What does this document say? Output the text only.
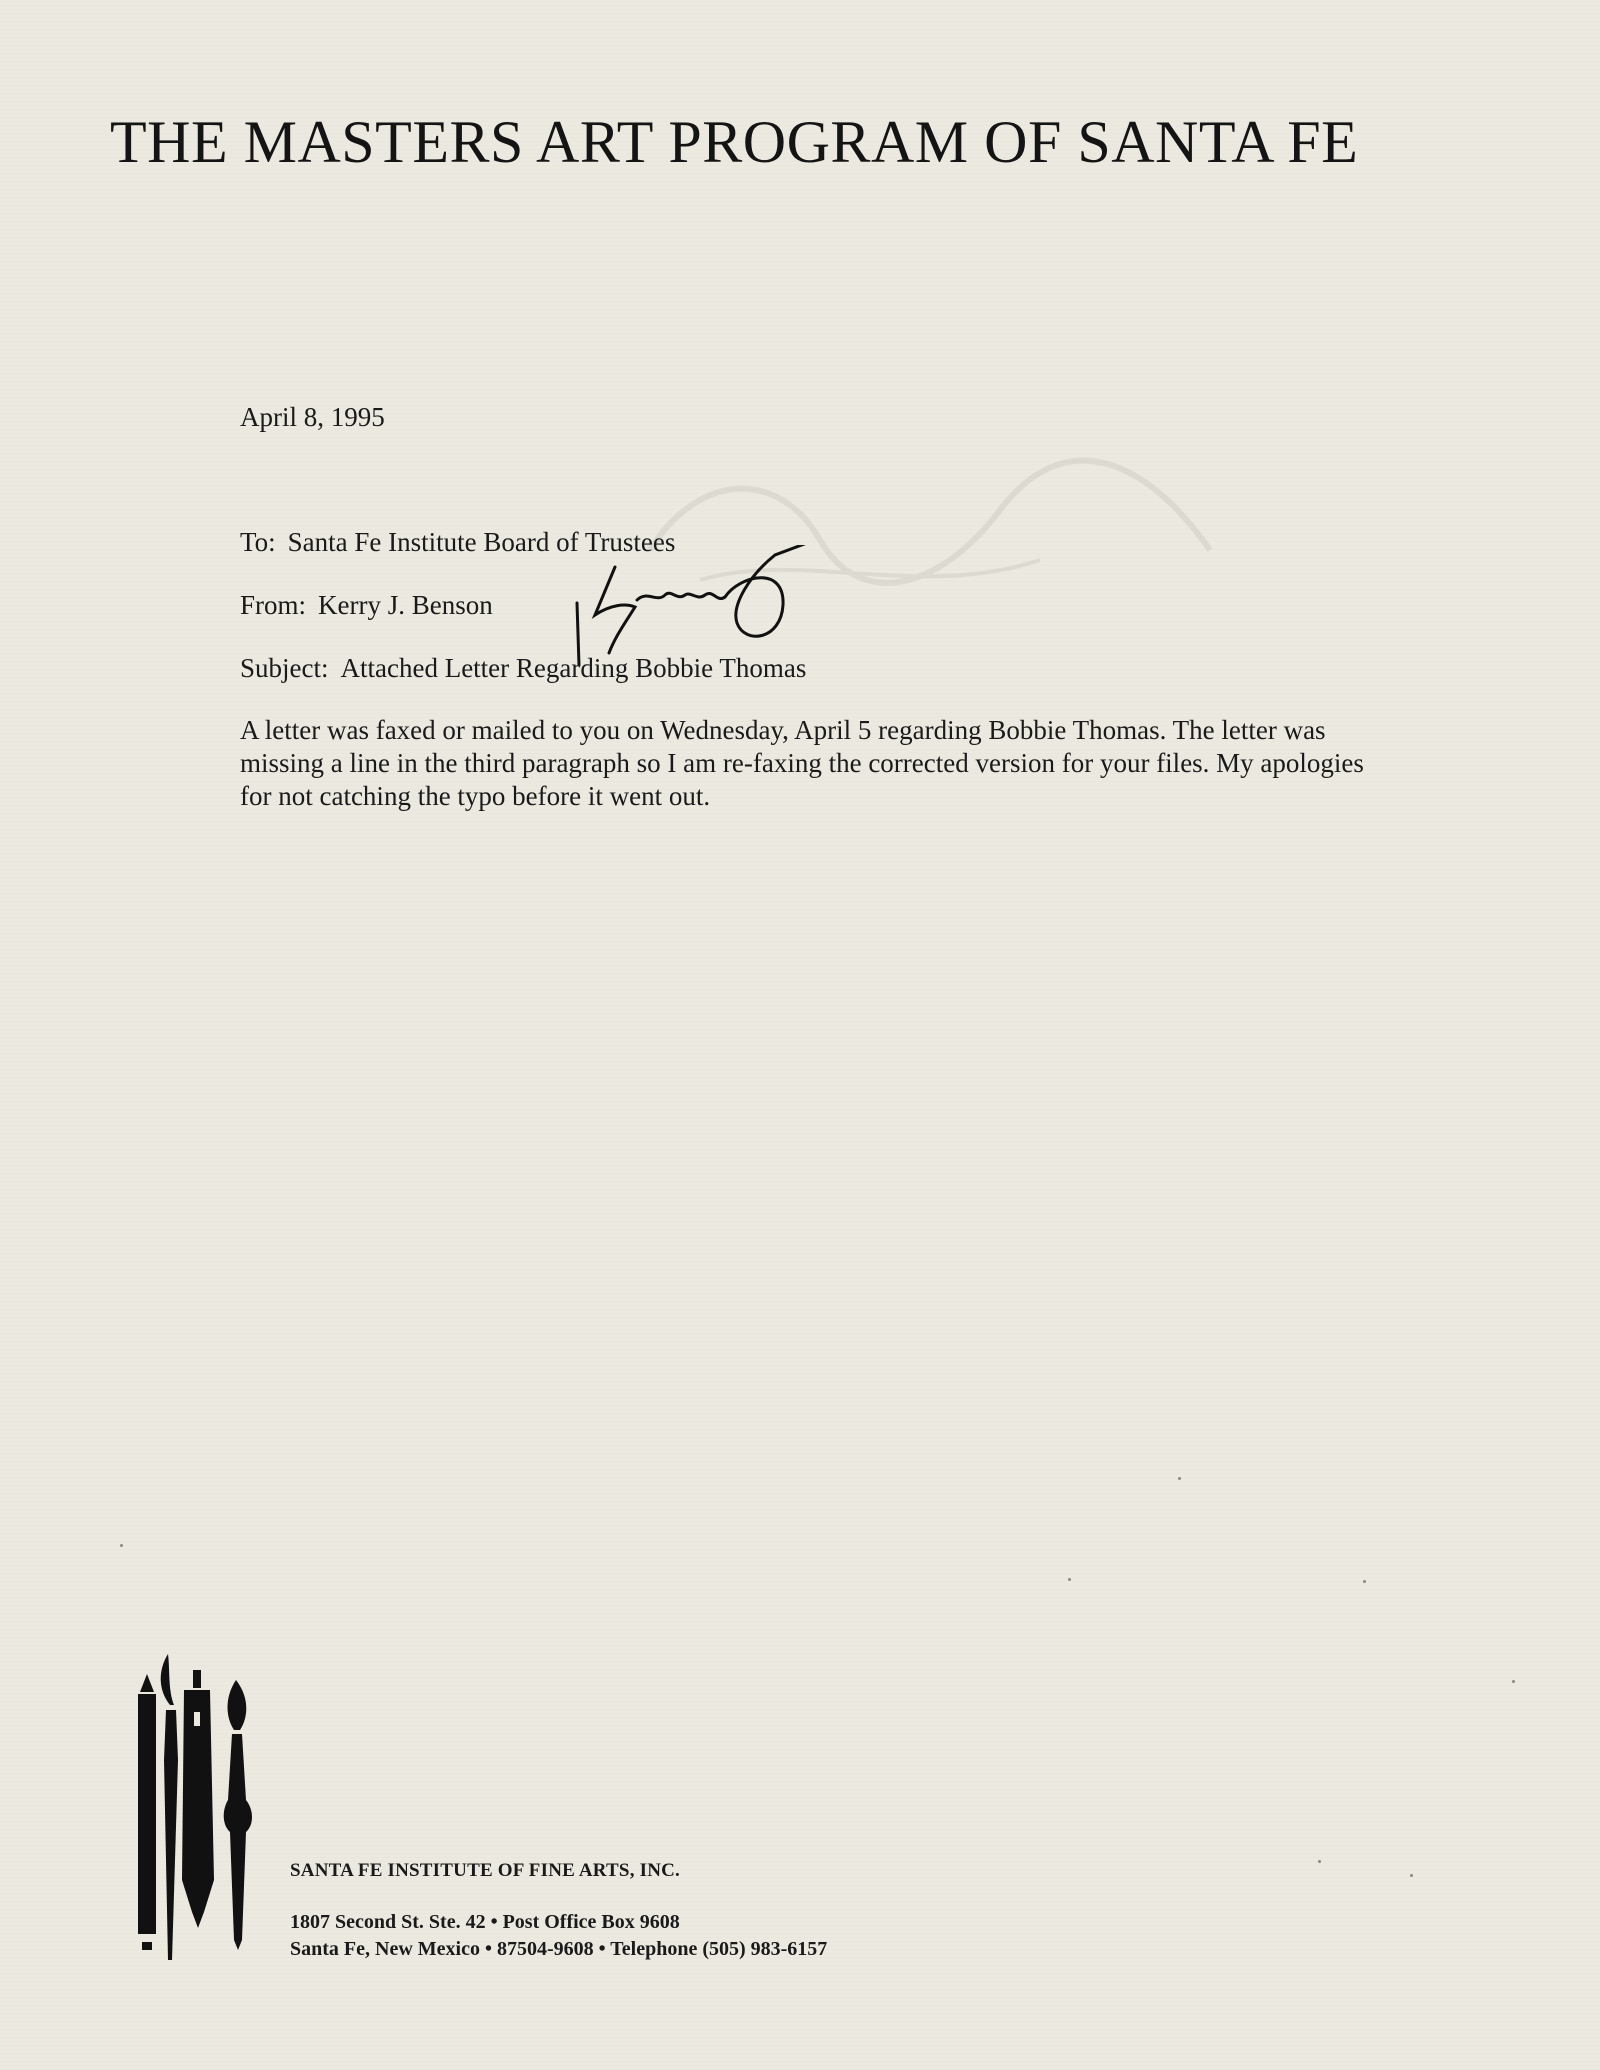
THE MASTERS ART PROGRAM OF SANTA FE
April 8, 1995
To: Santa Fe Institute Board of Trustees
From: Kerry J. Benson
Subject: Attached Letter Regarding Bobbie Thomas
A letter was faxed or mailed to you on Wednesday, April 5 regarding Bobbie Thomas. The letter was missing a line in the third paragraph so I am re-faxing the corrected version for your files. My apologies for not catching the typo before it went out.
SANTA FE INSTITUTE OF FINE ARTS, INC.
1807 Second St. Ste. 42 • Post Office Box 9608
Santa Fe, New Mexico • 87504-9608 • Telephone (505) 983-6157
